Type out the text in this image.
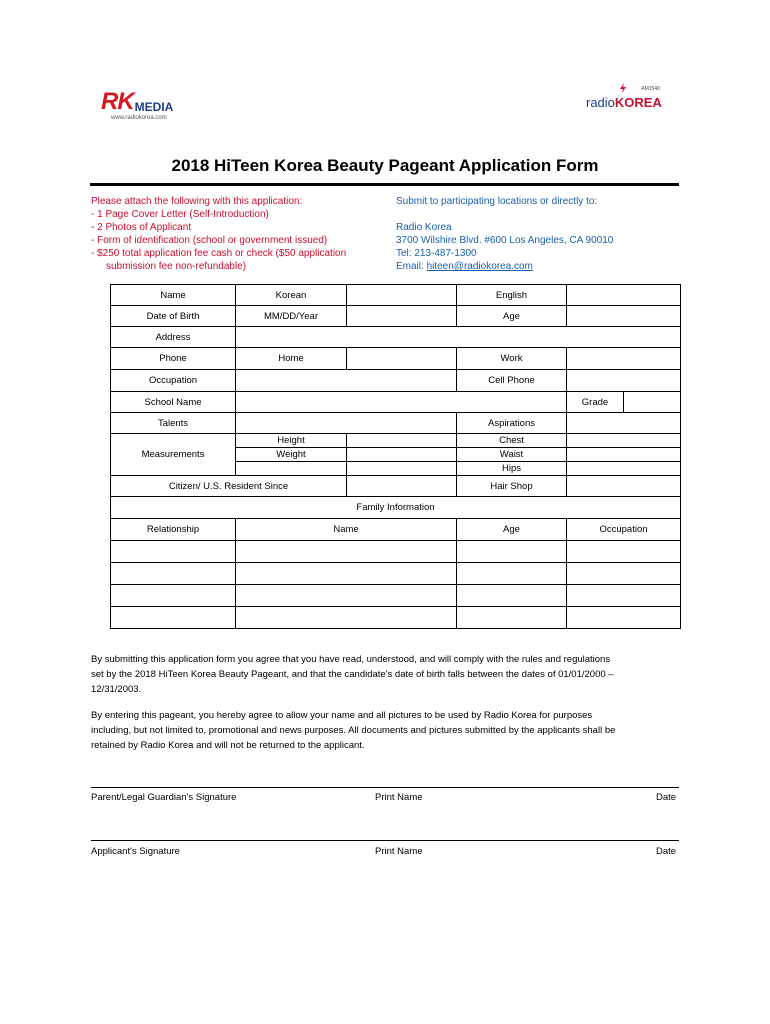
RK MEDIA
www.radiokorea.com
AM1540
radioKOREA
2018 HiTeen Korea Beauty Pageant Application Form
Please attach the following with this application:
- 1 Page Cover Letter (Self-Introduction)
- 2 Photos of Applicant
- Form of identification (school or government issued)
- $250 total application fee cash or check ($50 application
submission fee non-refundable)
Submit to participating locations or directly to:
Radio Korea
3700 Wilshire Blvd. #600 Los Angeles, CA 90010
Tel: 213-487-1300
Email: hiteen@radiokorea.com
Name	Korean		English		
Date of Birth	MM/DD/Year		Age		
Address					
Phone	Home		Work		
Occupation			Cell Phone		
School Name				Grade	
Talents			Aspirations		
Measurements	Height		Chest		
	Weight		Waist		
			Hips		
Citizen/ U.S. Resident Since			Hair Shop		
Family Information					
Relationship	Name		Age	Occupation	

By submitting this application form you agree that you have read, understood, and will comply with the rules and regulations
set by the 2018 HiTeen Korea Beauty Pageant, and that the candidate's date of birth falls between the dates of 01/01/2000 –
12/31/2003.
By entering this pageant, you hereby agree to allow your name and all pictures to be used by Radio Korea for purposes
including, but not limited to, promotional and news purposes. All documents and pictures submitted by the applicants shall be
retained by Radio Korea and will not be returned to the applicant.
Parent/Legal Guardian's Signature	Print Name	Date
Applicant's Signature	Print Name	Date
